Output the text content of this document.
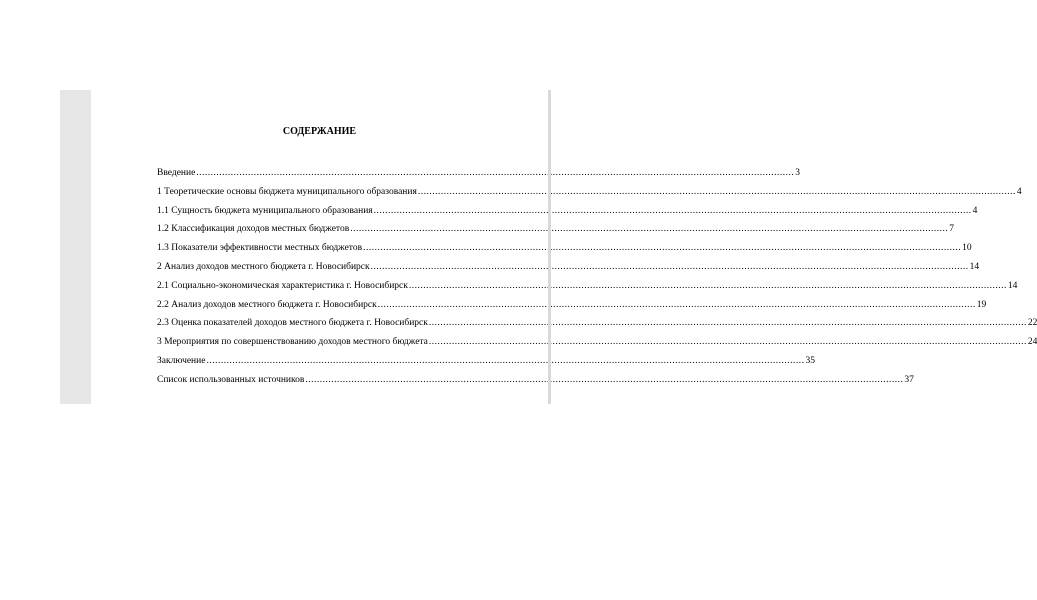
СОДЕРЖАНИЕ
Введение .....	3
1 Теоретические основы бюджета муниципального образования .....	4
1.1 Сущность бюджета муниципального образования .....	4
1.2 Классификация доходов местных бюджетов .....	7
1.3 Показатели эффективности местных бюджетов .....	10
2 Анализ доходов местного бюджета г. Новосибирск .....	14
2.1 Социально-экономическая характеристика г. Новосибирск .....	14
2.2 Анализ доходов местного бюджета г. Новосибирск .....	19
2.3 Оценка показателей доходов местного бюджета г. Новосибирск .....	22
3 Мероприятия по совершенствованию доходов местного бюджета .....	24
Заключение .....	35
Список использованных источников .....	37
